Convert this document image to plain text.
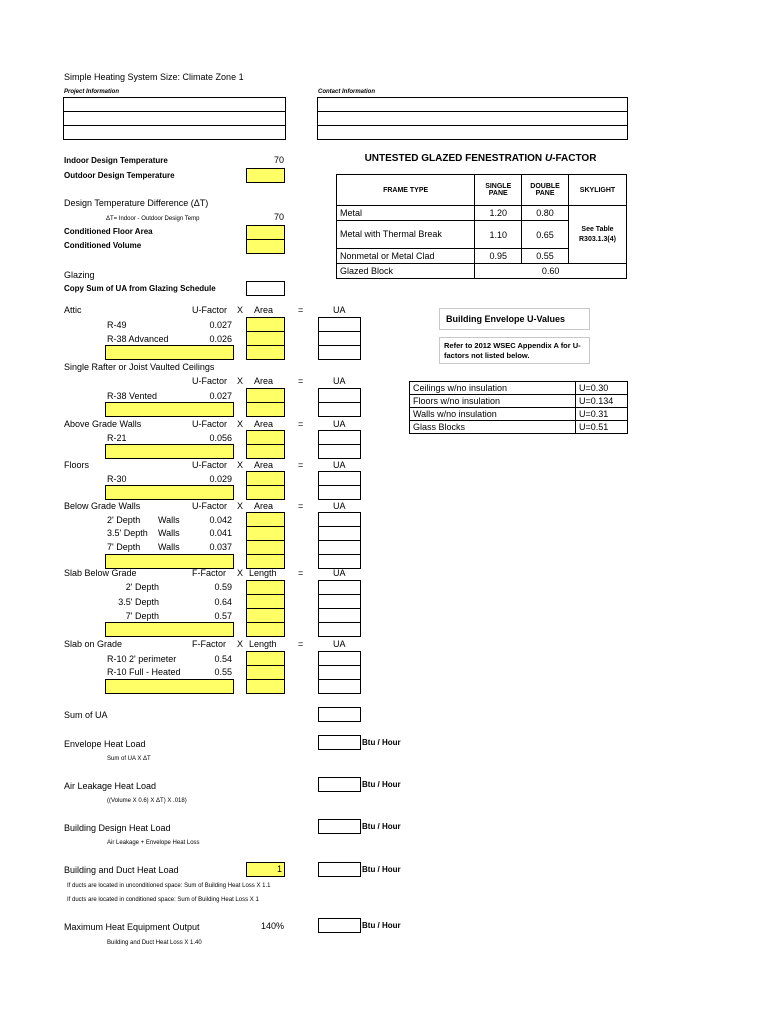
Simple Heating System Size: Climate Zone 1
Project Information	Contact Information
Indoor Design Temperature	70
Outdoor Design Temperature
Design Temperature Difference (ΔT)
ΔT= Indoor - Outdoor Design Temp	70
Conditioned Floor Area
Conditioned Volume
Glazing
Copy Sum of UA from Glazing Schedule
Attic	U-Factor X Area	=	UA
R-49	0.027
R-38 Advanced	0.026
Single Rafter or Joist Vaulted Ceilings
U-Factor X Area	=	UA
R-38 Vented	0.027
Above Grade Walls	U-Factor X Area	=	UA
R-21	0.056
Floors	U-Factor X Area	=	UA
R-30	0.029
Below Grade Walls	U-Factor X Area	=	UA
2' Depth Walls	0.042
3.5' Depth Walls	0.041
7' Depth Walls	0.037
Slab Below Grade	F-Factor X Length =	UA
2' Depth	0.59
3.5' Depth	0.64
7' Depth	0.57
Slab on Grade	F-Factor X Length =	UA
R-10 2' perimeter	0.54
R-10 Full - Heated	0.55
Sum of UA
Envelope Heat Load
Sum of UA X ΔT
Btu / Hour
Air Leakage Heat Load
((Volume X 0.6) X ΔT) X .018)
Btu / Hour
Building Design Heat Load
Air Leakage + Envelope Heat Loss
Btu / Hour
Building and Duct Heat Load	1	Btu / Hour
If ducts are located in unconditioned space: Sum of Building Heat Loss X 1.1
If ducts are located in conditioned space: Sum of Building Heat Loss X 1
Maximum Heat Equipment Output	140%	Btu / Hour
Building and Duct Heat Loss X 1.40
UNTESTED GLAZED FENESTRATION U-FACTOR
FRAME TYPE	SINGLE PANE	DOUBLE PANE	SKYLIGHT
Metal	1.20	0.80	See Table R303.1.3(4)
Metal with Thermal Break	1.10	0.65	
Nonmetal or Metal Clad	0.95	0.55	
Glazed Block	0.60		
Building Envelope U-Values
Refer to 2012 WSEC Appendix A for U-factors not listed below.
Ceilings w/no insulation	U=0.30
Floors w/no insulation	U=0.134
Walls w/no insulation	U=0.31
Glass Blocks	U=0.51
